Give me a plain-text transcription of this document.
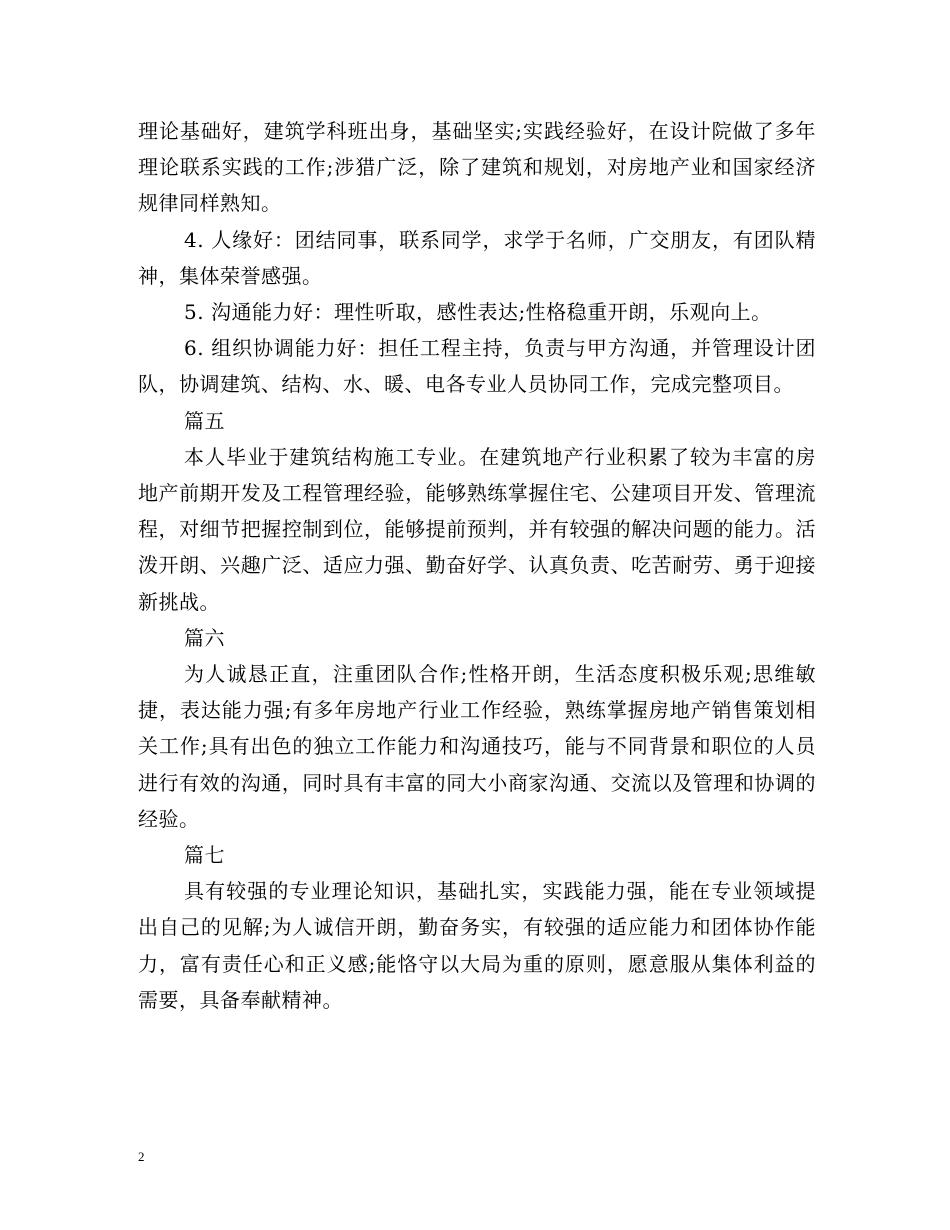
理论基础好，建筑学科班出身，基础坚实;实践经验好，在设计院做了多年理论联系实践的工作;涉猎广泛，除了建筑和规划，对房地产业和国家经济规律同样熟知。

4. 人缘好：团结同事，联系同学，求学于名师，广交朋友，有团队精神，集体荣誉感强。

5. 沟通能力好：理性听取，感性表达;性格稳重开朗，乐观向上。

6. 组织协调能力好：担任工程主持，负责与甲方沟通，并管理设计团队，协调建筑、结构、水、暖、电各专业人员协同工作，完成完整项目。

篇五

本人毕业于建筑结构施工专业。在建筑地产行业积累了较为丰富的房地产前期开发及工程管理经验，能够熟练掌握住宅、公建项目开发、管理流程，对细节把握控制到位，能够提前预判，并有较强的解决问题的能力。活泼开朗、兴趣广泛、适应力强、勤奋好学、认真负责、吃苦耐劳、勇于迎接新挑战。

篇六

为人诚恳正直，注重团队合作;性格开朗，生活态度积极乐观;思维敏捷，表达能力强;有多年房地产行业工作经验，熟练掌握房地产销售策划相关工作;具有出色的独立工作能力和沟通技巧，能与不同背景和职位的人员进行有效的沟通，同时具有丰富的同大小商家沟通、交流以及管理和协调的经验。

篇七

具有较强的专业理论知识，基础扎实，实践能力强，能在专业领域提出自己的见解;为人诚信开朗，勤奋务实，有较强的适应能力和团体协作能力，富有责任心和正义感;能恪守以大局为重的原则，愿意服从集体利益的需要，具备奉献精神。

2
